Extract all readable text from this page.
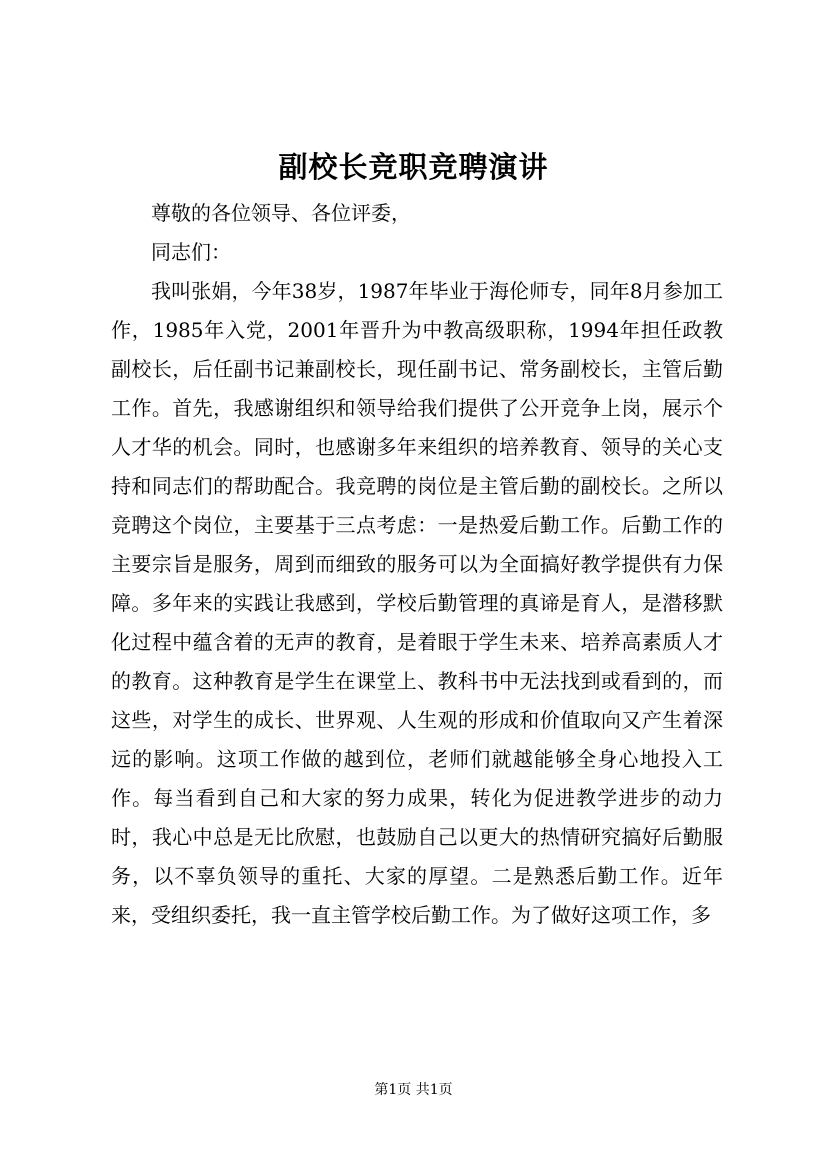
副校长竞职竞聘演讲

尊敬的各位领导、各位评委，

同志们：

我叫张娟，今年38岁，1987年毕业于海伦师专，同年8月参加工作，1985年入党，2001年晋升为中教高级职称，1994年担任政教副校长，后任副书记兼副校长，现任副书记、常务副校长，主管后勤工作。首先，我感谢组织和领导给我们提供了公开竞争上岗，展示个人才华的机会。同时，也感谢多年来组织的培养教育、领导的关心支持和同志们的帮助配合。我竞聘的岗位是主管后勤的副校长。之所以竞聘这个岗位，主要基于三点考虑：一是热爱后勤工作。后勤工作的主要宗旨是服务，周到而细致的服务可以为全面搞好教学提供有力保障。多年来的实践让我感到，学校后勤管理的真谛是育人，是潜移默化过程中蕴含着的无声的教育，是着眼于学生未来、培养高素质人才的教育。这种教育是学生在课堂上、教科书中无法找到或看到的，而这些，对学生的成长、世界观、人生观的形成和价值取向又产生着深远的影响。这项工作做的越到位，老师们就越能够全身心地投入工作。每当看到自己和大家的努力成果，转化为促进教学进步的动力时，我心中总是无比欣慰，也鼓励自己以更大的热情研究搞好后勤服务，以不辜负领导的重托、大家的厚望。二是熟悉后勤工作。近年来，受组织委托，我一直主管学校后勤工作。为了做好这项工作，多

第1页 共1页
